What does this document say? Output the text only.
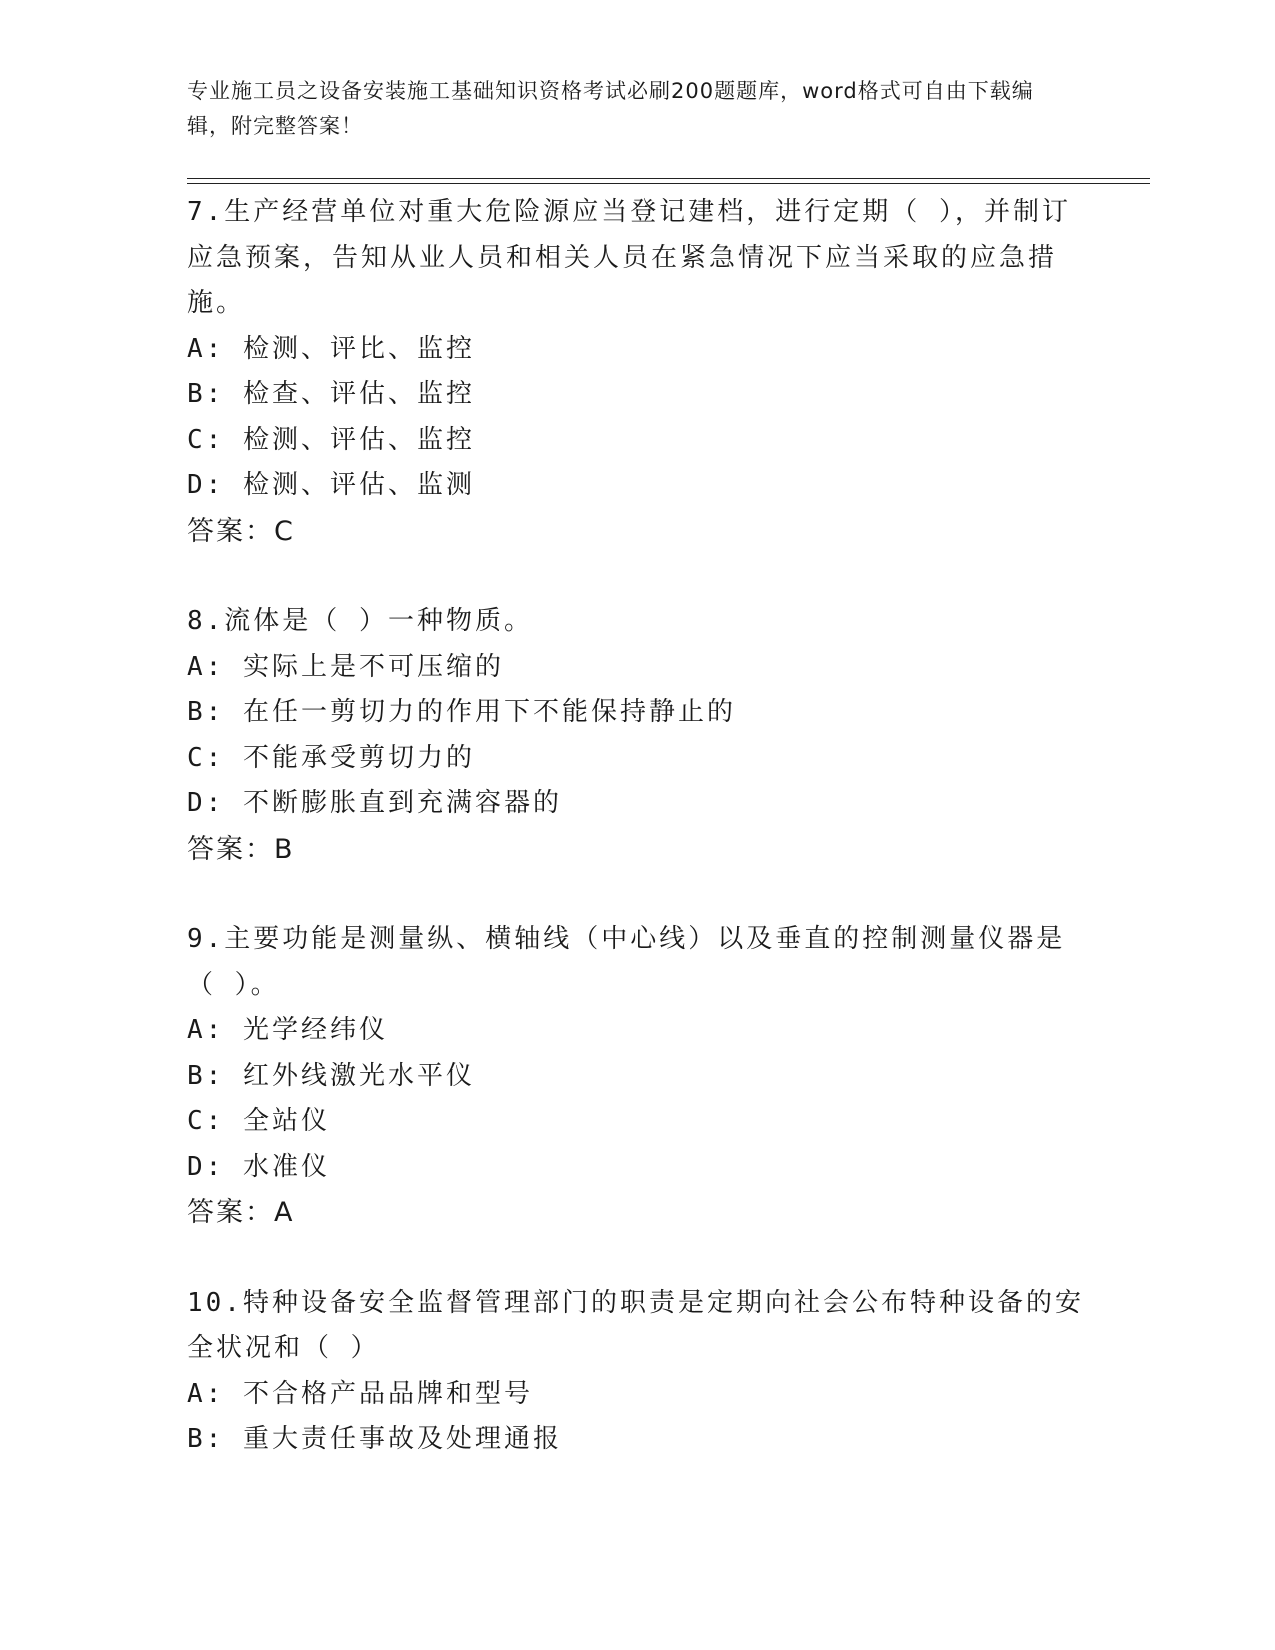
专业施工员之设备安装施工基础知识资格考试必刷200题题库，word格式可自由下载编辑，附完整答案！

7.生产经营单位对重大危险源应当登记建档，进行定期（ ），并制订应急预案，告知从业人员和相关人员在紧急情况下应当采取的应急措施。

A: 检测、评比、监控

B: 检查、评估、监控

C: 检测、评估、监控

D: 检测、评估、监测

答案：C

8.流体是（ ）一种物质。

A: 实际上是不可压缩的

B: 在任一剪切力的作用下不能保持静止的

C: 不能承受剪切力的

D: 不断膨胀直到充满容器的

答案：B

9.主要功能是测量纵、横轴线（中心线）以及垂直的控制测量仪器是（ ）。

A: 光学经纬仪

B: 红外线激光水平仪

C: 全站仪

D: 水准仪

答案：A

10.特种设备安全监督管理部门的职责是定期向社会公布特种设备的安全状况和（ ）

A: 不合格产品品牌和型号

B: 重大责任事故及处理通报
